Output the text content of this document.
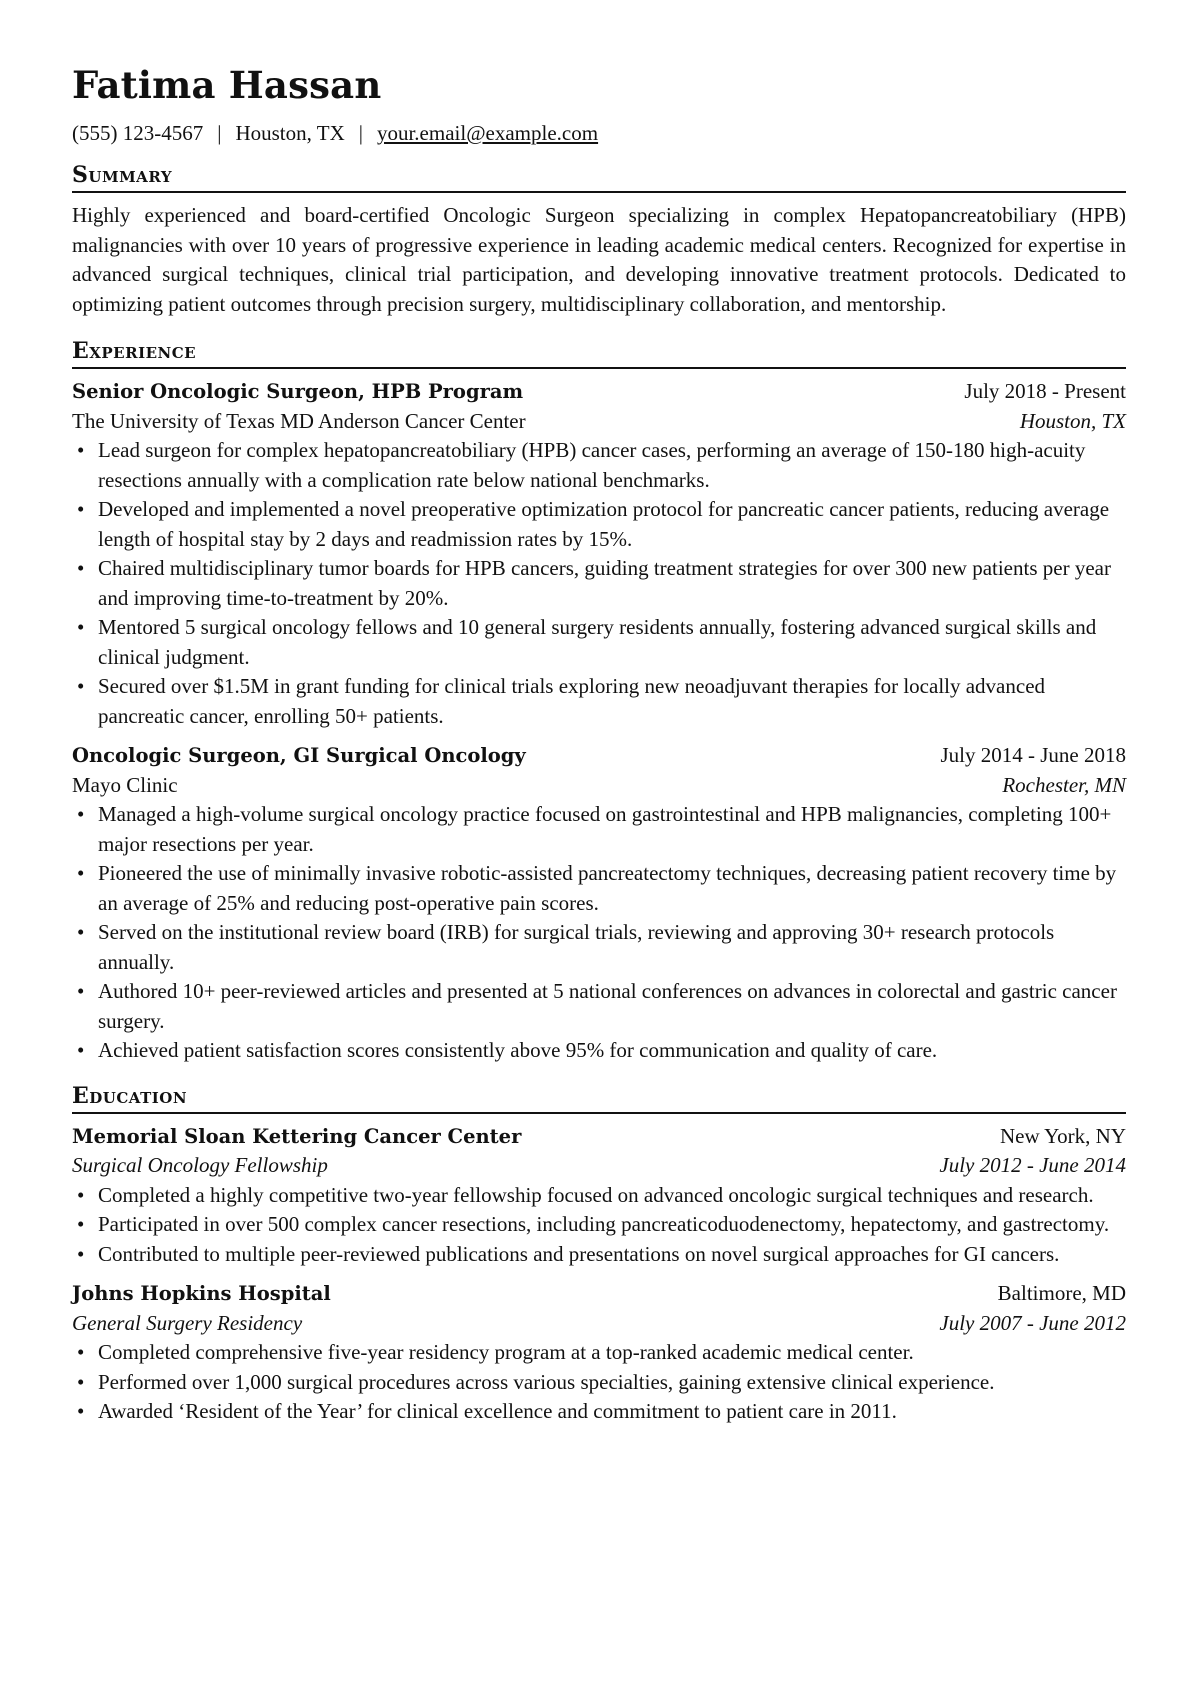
Fatima Hassan
(555) 123-4567 | Houston, TX | your.email@example.com
Summary
Highly experienced and board-certified Oncologic Surgeon specializing in complex Hepatopancreatobiliary (HPB) malignancies with over 10 years of progressive experience in leading academic medical centers. Recognized for expertise in advanced surgical techniques, clinical trial participation, and developing innovative treatment protocols. Dedicated to optimizing patient outcomes through precision surgery, multidisciplinary collaboration, and mentorship.
Experience
Senior Oncologic Surgeon, HPB Program	July 2018 - Present
The University of Texas MD Anderson Cancer Center	Houston, TX
• Lead surgeon for complex hepatopancreatobiliary (HPB) cancer cases, performing an average of 150-180 high-acuity resections annually with a complication rate below national benchmarks.
• Developed and implemented a novel preoperative optimization protocol for pancreatic cancer patients, reducing average length of hospital stay by 2 days and readmission rates by 15%.
• Chaired multidisciplinary tumor boards for HPB cancers, guiding treatment strategies for over 300 new patients per year and improving time-to-treatment by 20%.
• Mentored 5 surgical oncology fellows and 10 general surgery residents annually, fostering advanced surgical skills and clinical judgment.
• Secured over $1.5M in grant funding for clinical trials exploring new neoadjuvant therapies for locally advanced pancreatic cancer, enrolling 50+ patients.
Oncologic Surgeon, GI Surgical Oncology	July 2014 - June 2018
Mayo Clinic	Rochester, MN
• Managed a high-volume surgical oncology practice focused on gastrointestinal and HPB malignancies, completing 100+ major resections per year.
• Pioneered the use of minimally invasive robotic-assisted pancreatectomy techniques, decreasing patient recovery time by an average of 25% and reducing post-operative pain scores.
• Served on the institutional review board (IRB) for surgical trials, reviewing and approving 30+ research protocols annually.
• Authored 10+ peer-reviewed articles and presented at 5 national conferences on advances in colorectal and gastric cancer surgery.
• Achieved patient satisfaction scores consistently above 95% for communication and quality of care.
Education
Memorial Sloan Kettering Cancer Center	New York, NY
Surgical Oncology Fellowship	July 2012 - June 2014
• Completed a highly competitive two-year fellowship focused on advanced oncologic surgical techniques and research.
• Participated in over 500 complex cancer resections, including pancreaticoduodenectomy, hepatectomy, and gastrectomy.
• Contributed to multiple peer-reviewed publications and presentations on novel surgical approaches for GI cancers.
Johns Hopkins Hospital	Baltimore, MD
General Surgery Residency	July 2007 - June 2012
• Completed comprehensive five-year residency program at a top-ranked academic medical center.
• Performed over 1,000 surgical procedures across various specialties, gaining extensive clinical experience.
• Awarded ‘Resident of the Year’ for clinical excellence and commitment to patient care in 2011.
